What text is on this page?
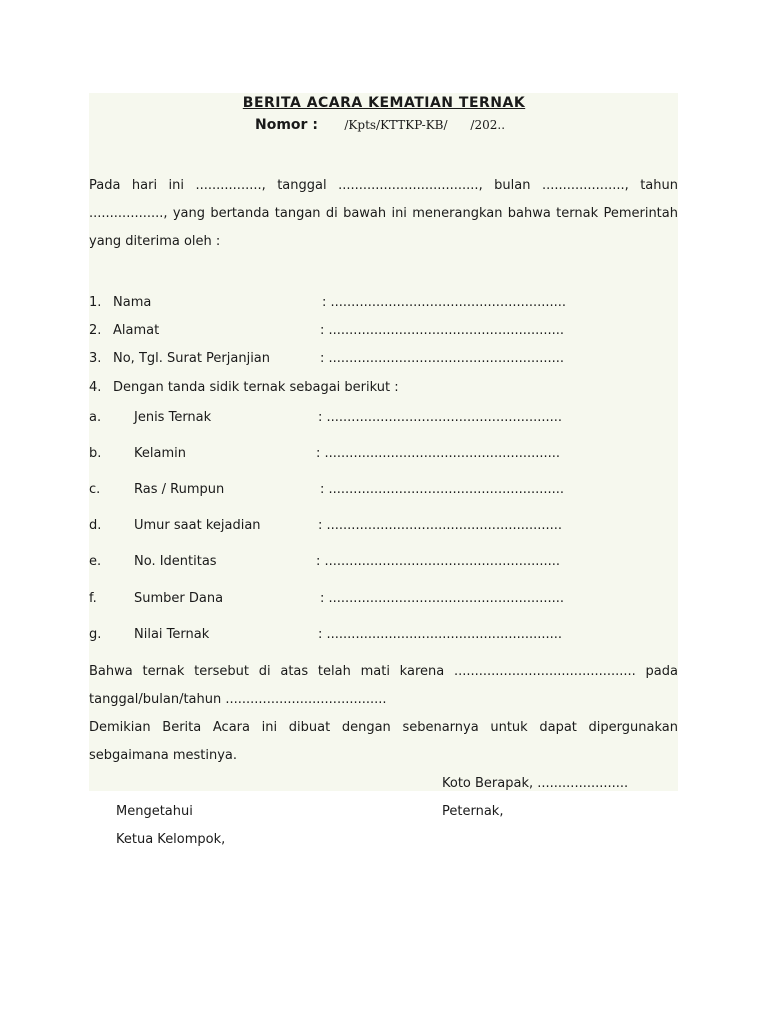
BERITA ACARA KEMATIAN TERNAK
Nomor : /Kpts/KTTKP-KB/      /202..
Pada hari ini ................, tanggal .................................., bulan ...................., tahun .................., yang bertanda tangan di bawah ini menerangkan bahwa ternak Pemerintah yang diterima oleh :
1. Nama	: .........................................................
2. Alamat	: .........................................................
3. No, Tgl. Surat Perjanjian	: .........................................................
4. Dengan tanda sidik ternak sebagai berikut :
a.	Jenis Ternak	: .........................................................
b.	Kelamin	: .........................................................
c.	Ras / Rumpun	: .........................................................
d.	Umur saat kejadian	: .........................................................
e.	No. Identitas	: .........................................................
f.	Sumber Dana	: .........................................................
g.	Nilai Ternak	: .........................................................
Bahwa ternak tersebut di atas telah mati karena ............................................ pada tanggal/bulan/tahun .......................................
Demikian Berita Acara ini dibuat dengan sebenarnya untuk dapat dipergunakan sebgaimana mestinya.
Koto Berapak, ......................
Mengetahui	Peternak,
Ketua Kelompok,
